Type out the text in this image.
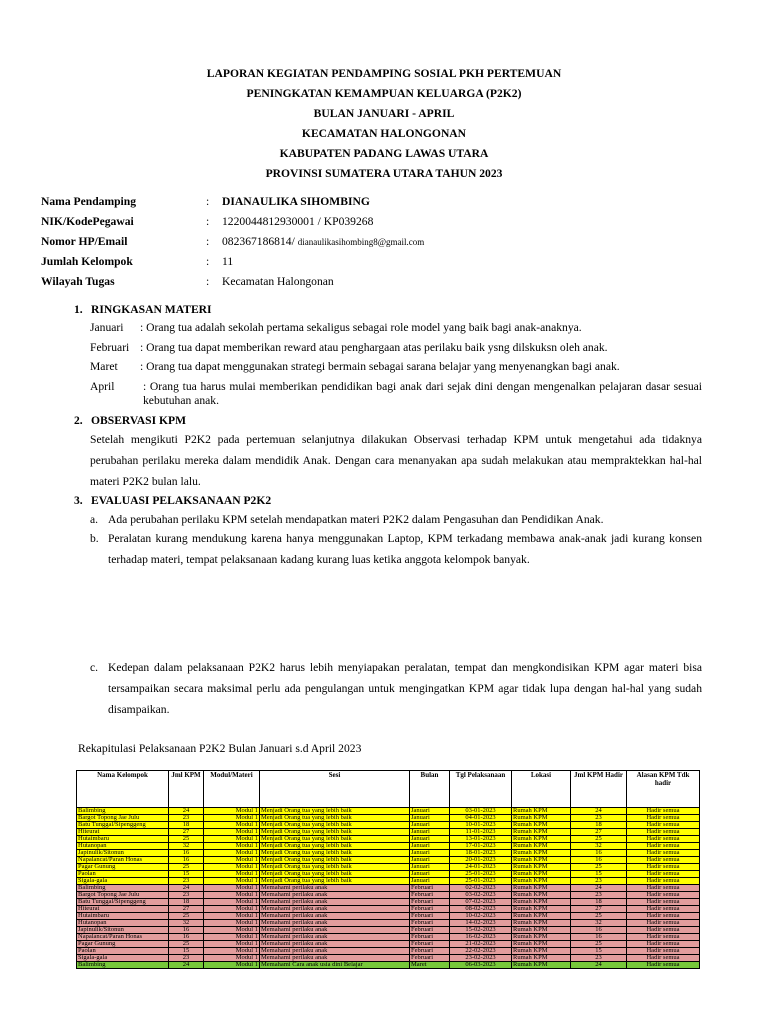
LAPORAN KEGIATAN PENDAMPING SOSIAL PKH PERTEMUAN
PENINGKATAN KEMAMPUAN KELUARGA (P2K2)
BULAN JANUARI - APRIL
KECAMATAN HALONGONAN
KABUPATEN PADANG LAWAS UTARA
PROVINSI SUMATERA UTARA TAHUN 2023
Nama Pendamping	: DIANAULIKA SIHOMBING
NIK/KodePegawai	: 1220044812930001 / KP039268
Nomor HP/Email	: 082367186814/ dianaulikasihombing8@gmail.com
Jumlah Kelompok	: 11
Wilayah Tugas	: Kecamatan Halongonan
1. RINGKASAN MATERI
Januari : Orang tua adalah sekolah pertama sekaligus sebagai role model yang baik bagi anak-anaknya.
Februari : Orang tua dapat memberikan reward atau penghargaan atas perilaku baik ysng dilskuksn oleh anak.
Maret : Orang tua dapat menggunakan strategi bermain sebagai sarana belajar yang menyenangkan bagi anak.
April : Orang tua harus mulai memberikan pendidikan bagi anak dari sejak dini dengan mengenalkan pelajaran dasar sesuai kebutuhan anak.
2. OBSERVASI KPM
Setelah mengikuti P2K2 pada pertemuan selanjutnya dilakukan Observasi terhadap KPM untuk mengetahui ada tidaknya perubahan perilaku mereka dalam mendidik Anak. Dengan cara menanyakan apa sudah melakukan atau mempraktekkan hal-hal materi P2K2 bulan lalu.
3. EVALUASI PELAKSANAAN P2K2
a. Ada perubahan perilaku KPM setelah mendapatkan materi P2K2 dalam Pengasuhan dan Pendidikan Anak.
b. Peralatan kurang mendukung karena hanya menggunakan Laptop, KPM terkadang membawa anak-anak jadi kurang konsen terhadap materi, tempat pelaksanaan kadang kurang luas ketika anggota kelompok banyak.
c. Kedepan dalam pelaksanaan P2K2 harus lebih menyiapakan peralatan, tempat dan mengkondisikan KPM agar materi bisa tersampaikan secara maksimal perlu ada pengulangan untuk mengingatkan KPM agar tidak lupa dengan hal-hal yang sudah disampaikan.
Rekapitulasi Pelaksanaan P2K2 Bulan Januari s.d April 2023
Nama Kelompok	Jml KPM	Modul/Materi	Sesi	Bulan	Tgl Pelaksanaan	Lokasi	Jml KPM Hadir	Alasan KPM Tdk hadir
Balimbing	24	Modul 1	Menjadi Orang tua yang lebih baik	Januari	03-01-2023	Rumah KPM	24	Hadir semua
Bargot Topong Jae Julu	23	Modul 1	Menjadi Orang tua yang lebih baik	Januari	04-01-2023	Rumah KPM	23	Hadir semua
Batu Tunggal/Sipenggeng	18	Modul 1	Menjadi Orang tua yang lebih baik	Januari	10-01-2023	Rumah KPM	18	Hadir semua
Hiteurat	27	Modul 1	Menjadi Orang tua yang lebih baik	Januari	11-01-2023	Rumah KPM	27	Hadir semua
Hutaimbaru	25	Modul 1	Menjadi Orang tua yang lebih baik	Januari	13-01-2023	Rumah KPM	25	Hadir semua
Hutanopan	32	Modul 1	Menjadi Orang tua yang lebih baik	Januari	17-01-2023	Rumah KPM	32	Hadir semua
Japinulik/Sitonun	16	Modul 1	Menjadi Orang tua yang lebih baik	Januari	18-01-2023	Rumah KPM	16	Hadir semua
Napalancat/Paran Honas	16	Modul 1	Menjadi Orang tua yang lebih baik	Januari	20-01-2023	Rumah KPM	16	Hadir semua
Pagar Gunung	25	Modul 1	Menjadi Orang tua yang lebih baik	Januari	24-01-2023	Rumah KPM	25	Hadir semua
Paolan	15	Modul 1	Menjadi Orang tua yang lebih baik	Januari	25-01-2023	Rumah KPM	15	Hadir semua
Sigala-gala	23	Modul 1	Menjadi Orang tua yang lebih baik	Januari	25-01-2023	Rumah KPM	23	Hadir semua
Balimbing	24	Modul 1	Memahami perilaku anak	Februari	02-02-2023	Rumah KPM	24	Hadir semua
Bargot Topong Jae Julu	23	Modul 1	Memahami perilaku anak	Februari	03-02-2023	Rumah KPM	23	Hadir semua
Batu Tunggal/Sipenggeng	18	Modul 1	Memahami perilaku anak	Februari	07-02-2023	Rumah KPM	18	Hadir semua
Hiteurat	27	Modul 1	Memahami perilaku anak	Februari	08-02-2023	Rumah KPM	27	Hadir semua
Hutaimbaru	25	Modul 1	Memahami perilaku anak	Februari	10-02-2023	Rumah KPM	25	Hadir semua
Hutanopan	32	Modul 1	Memahami perilaku anak	Februari	14-02-2023	Rumah KPM	32	Hadir semua
Japinulik/Sitonun	16	Modul 1	Memahami perilaku anak	Februari	15-02-2023	Rumah KPM	16	Hadir semua
Napalancat/Paran Honas	16	Modul 1	Memahami perilaku anak	Februari	16-02-2023	Rumah KPM	16	Hadir semua
Pagar Gunung	25	Modul 1	Memahami perilaku anak	Februari	21-02-2023	Rumah KPM	25	Hadir semua
Paolan	15	Modul 1	Memahami perilaku anak	Februari	22-02-2023	Rumah KPM	15	Hadir semua
Sigala-gala	23	Modul 1	Memahami perilaku anak	Februari	23-02-2023	Rumah KPM	23	Hadir semua
Balimbing	24	Modul 1	Memahami Cara anak usia dini Belajar	Maret	06-03-2023	Rumah KPM	24	Hadir semua
